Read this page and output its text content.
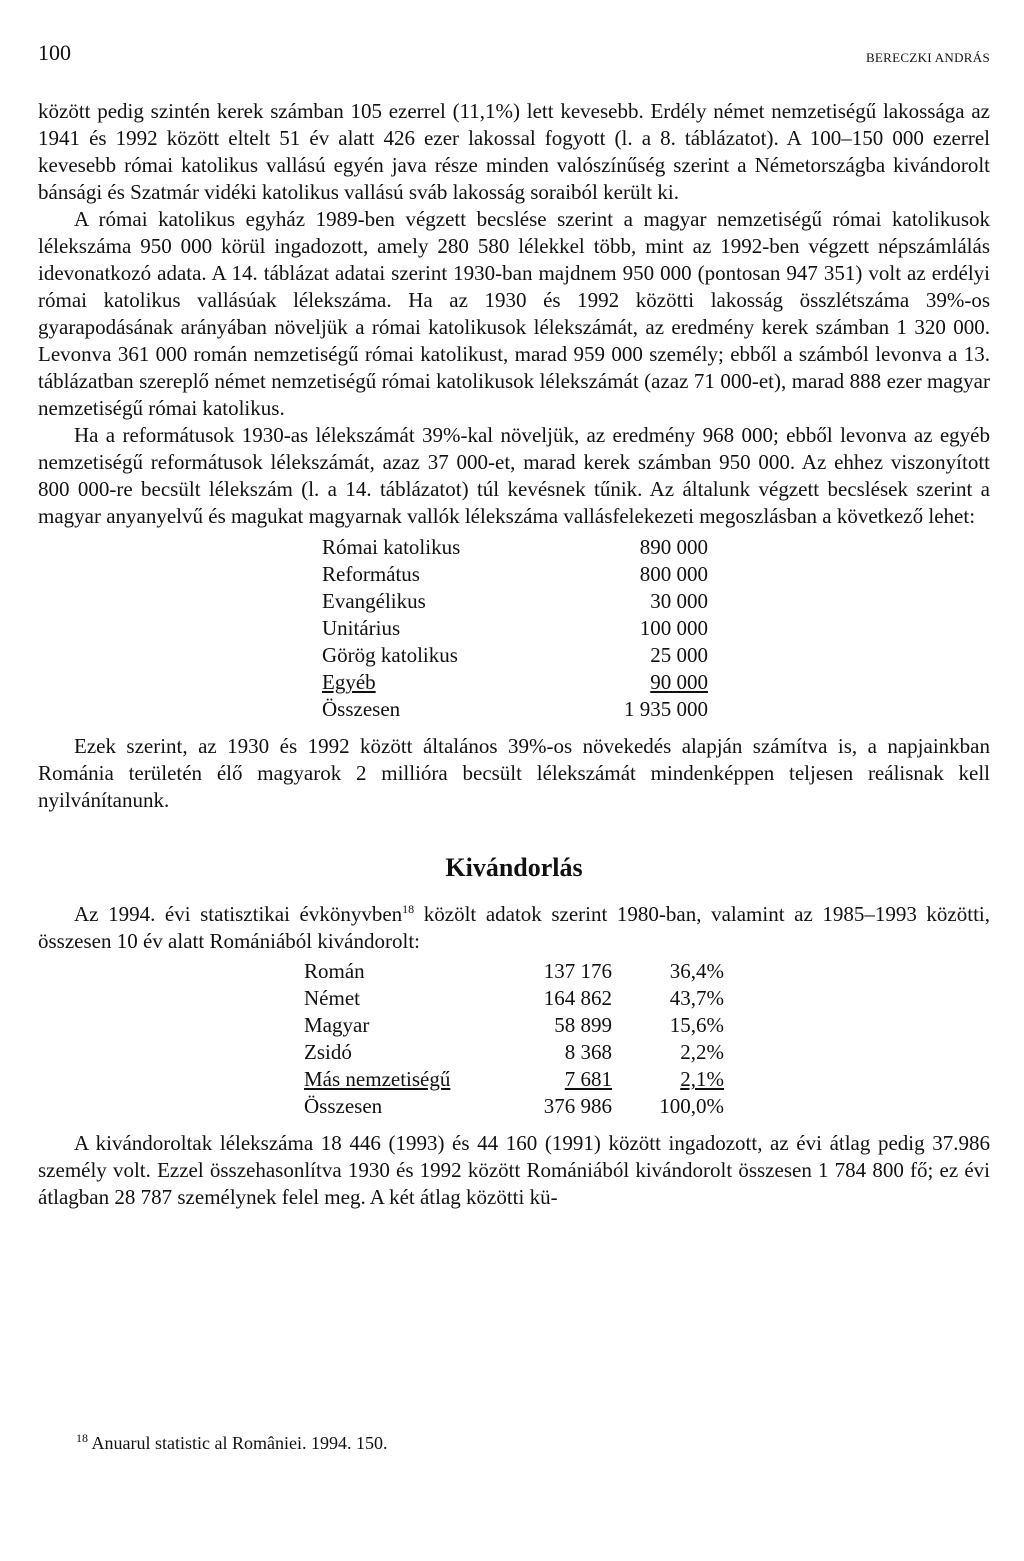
100	BERECZKI ANDRÁS

között pedig szintén kerek számban 105 ezerrel (11,1%) lett kevesebb. Erdély német nemzetiségű lakossága az 1941 és 1992 között eltelt 51 év alatt 426 ezer lakossal fogyott (l. a 8. táblázatot). A 100–150 000 ezerrel kevesebb római katolikus vallású egyén java része minden valószínűség szerint a Németországba kivándorolt bánsági és Szatmár vidéki katolikus vallású sváb lakosság soraiból került ki.

A római katolikus egyház 1989-ben végzett becslése szerint a magyar nemzetiségű római katolikusok lélekszáma 950 000 körül ingadozott, amely 280 580 lélekkel több, mint az 1992-ben végzett népszámlálás idevonatkozó adata. A 14. táblázat adatai szerint 1930-ban majdnem 950 000 (pontosan 947 351) volt az erdélyi római katolikus vallásúak lélekszáma. Ha az 1930 és 1992 közötti lakosság összlétszáma 39%-os gyarapodásának arányában növeljük a római katolikusok lélekszámát, az eredmény kerek számban 1 320 000. Levonva 361 000 román nemzetiségű római katolikust, marad 959 000 személy; ebből a számból levonva a 13. táblázatban szereplő német nemzetiségű római katolikusok lélekszámát (azaz 71 000-et), marad 888 ezer magyar nemzetiségű római katolikus.

Ha a reformátusok 1930-as lélekszámát 39%-kal növeljük, az eredmény 968 000; ebből levonva az egyéb nemzetiségű reformátusok lélekszámát, azaz 37 000-et, marad kerek számban 950 000. Az ehhez viszonyított 800 000-re becsült lélekszám (l. a 14. táblázatot) túl kevésnek tűnik. Az általunk végzett becslések szerint a magyar anyanyelvű és magukat magyarnak vallók lélekszáma vallásfelekezeti megoszlásban a következő lehet:

Római katolikus	890 000
Református	800 000
Evangélikus	30 000
Unitárius	100 000
Görög katolikus	25 000
Egyéb	90 000
Összesen	1 935 000

Ezek szerint, az 1930 és 1992 között általános 39%-os növekedés alapján számítva is, a napjainkban Románia területén élő magyarok 2 millióra becsült lélekszámát mindenképpen teljesen reálisnak kell nyilvánítanunk.

Kivándorlás

Az 1994. évi statisztikai évkönyvben$^{18}$ közölt adatok szerint 1980-ban, valamint az 1985–1993 közötti, összesen 10 év alatt Romániából kivándorolt:

Román	137 176	36,4%
Német	164 862	43,7%
Magyar	58 899	15,6%
Zsidó	8 368	2,2%
Más nemzetiségű	7 681	2,1%
Összesen	376 986	100,0%

A kivándoroltak lélekszáma 18 446 (1993) és 44 160 (1991) között ingadozott, az évi átlag pedig 37.986 személy volt. Ezzel összehasonlítva 1930 és 1992 között Romániából kivándorolt összesen 1 784 800 fő; ez évi átlagban 28 787 személynek felel meg. A két átlag közötti kü-

$^{18}$ Anuarul statistic al României. 1994. 150.
